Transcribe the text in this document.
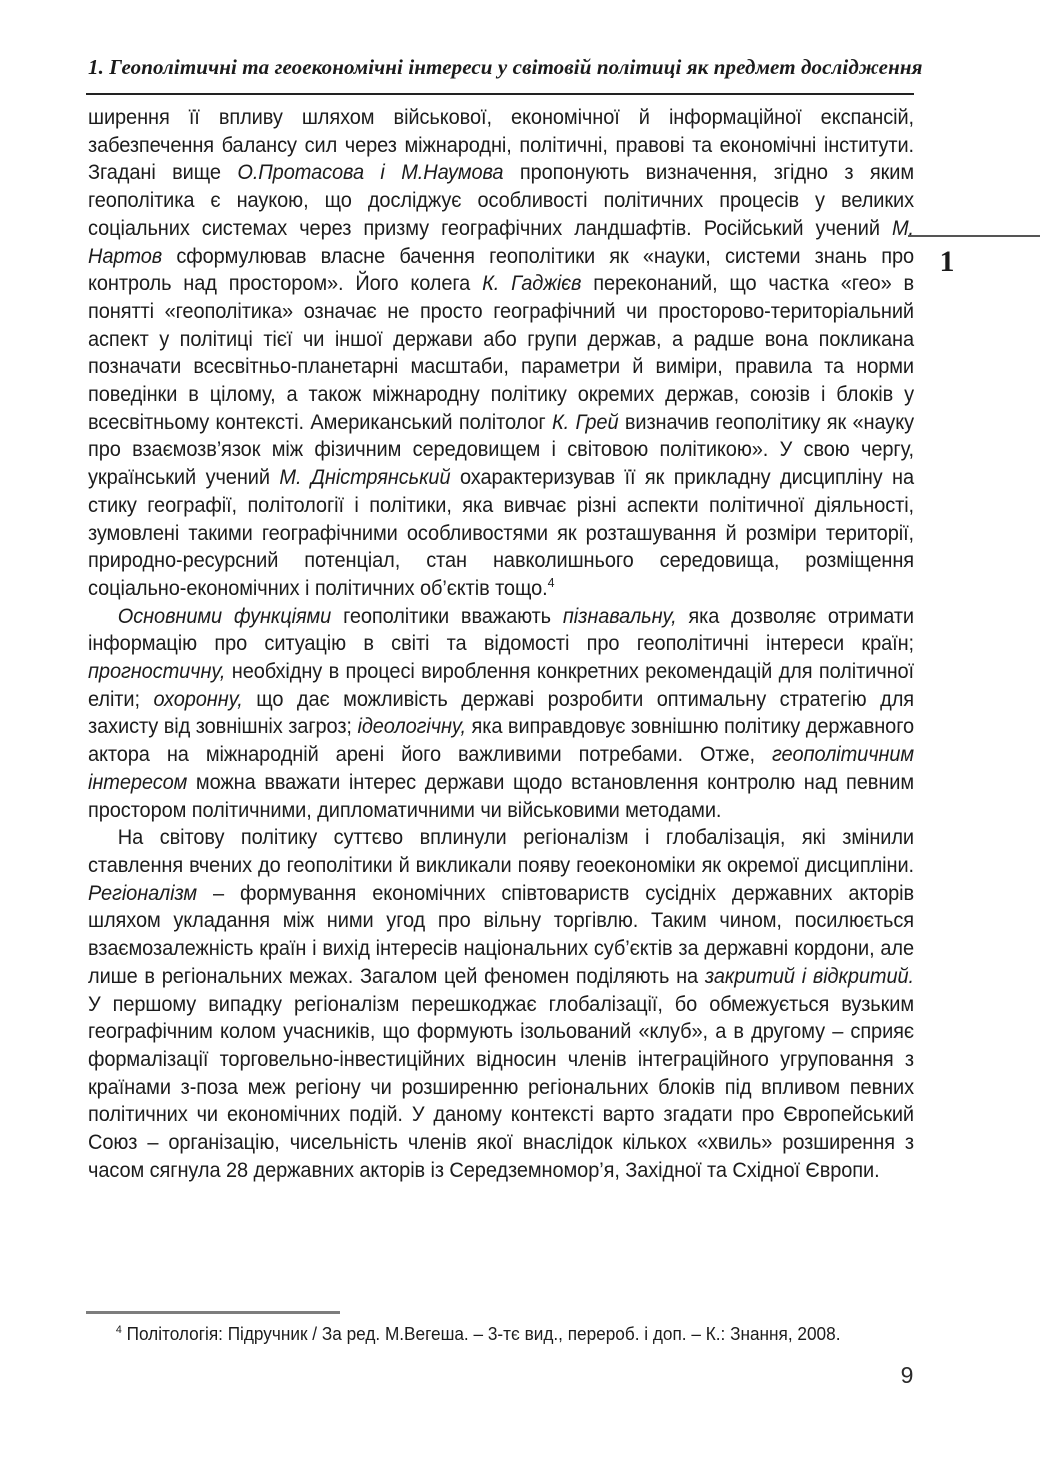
1. Геополітичні та геоекономічні інтереси у світовій політиці як предмет дослідження
1

ширення її впливу шляхом військової, економічної й інформаційної експансій, забезпечення балансу сил через міжнародні, політичні, правові та економічні інститути. Згадані вище О.Протасова і М.Наумова пропонують визначення, згідно з яким геополітика є наукою, що досліджує особливості політичних процесів у великих соціальних системах через призму географічних ландшафтів. Російський учений М. Нартов сформулював власне бачення геополітики як «науки, системи знань про контроль над простором». Його колега К. Гаджієв переконаний, що частка «гео» в понятті «геополітика» означає не просто географічний чи просторово-територіальний аспект у політиці тієї чи іншої держави або групи держав, а радше вона покликана позначати всесвітньо-планетарні масштаби, параметри й виміри, правила та норми поведінки в цілому, а також міжнародну політику окремих держав, союзів і блоків у всесвітньому контексті. Американський політолог К. Грей визначив геополітику як «науку про взаємозв’язок між фізичним середовищем і світовою політикою». У свою чергу, український учений М. Дністрянський охарактеризував її як прикладну дисципліну на стику географії, політології і політики, яка вивчає різні аспекти політичної діяльності, зумовлені такими географічними особливостями як розташування й розміри території, природно-ресурсний потенціал, стан навколишнього середовища, розміщення соціально-економічних і політичних об’єктів тощо.$^4$

Основними функціями геополітики вважають пізнавальну, яка дозволяє отримати інформацію про ситуацію в світі та відомості про геополітичні інтереси країн; прогностичну, необхідну в процесі вироблення конкретних рекомендацій для політичної еліти; охоронну, що дає можливість державі розробити оптимальну стратегію для захисту від зовнішніх загроз; ідеологічну, яка виправдовує зовнішню політику державного актора на міжнародній арені його важливими потребами. Отже, геополітичним інтересом можна вважати інтерес держави щодо встановлення контролю над певним простором політичними, дипломатичними чи військовими методами.

На світову політику суттєво вплинули регіоналізм і глобалізація, які змінили ставлення вчених до геополітики й викликали появу геоекономіки як окремої дисципліни. Регіоналізм – формування економічних співтовариств сусідніх державних акторів шляхом укладання між ними угод про вільну торгівлю. Таким чином, посилюється взаємозалежність країн і вихід інтересів національних суб’єктів за державні кордони, але лише в регіональних межах. Загалом цей феномен поділяють на закритий і відкритий. У першому випадку регіоналізм перешкоджає глобалізації, бо обмежується вузьким географічним колом учасників, що формують ізольований «клуб», а в другому – сприяє формалізації торговельно-інвестиційних відносин членів інтеграційного угруповання з країнами з-поза меж регіону чи розширенню регіональних блоків під впливом певних політичних чи економічних подій. У даному контексті варто згадати про Європейський Союз – організацію, чисельність членів якої внаслідок кількох «хвиль» розширення з часом сягнула 28 державних акторів із Середземномор’я, Західної та Східної Європи.

$^4$ Політологія: Підручник / За ред. М.Вегеша. – 3-тє вид., перероб. і доп. – К.: Знання, 2008.
9
